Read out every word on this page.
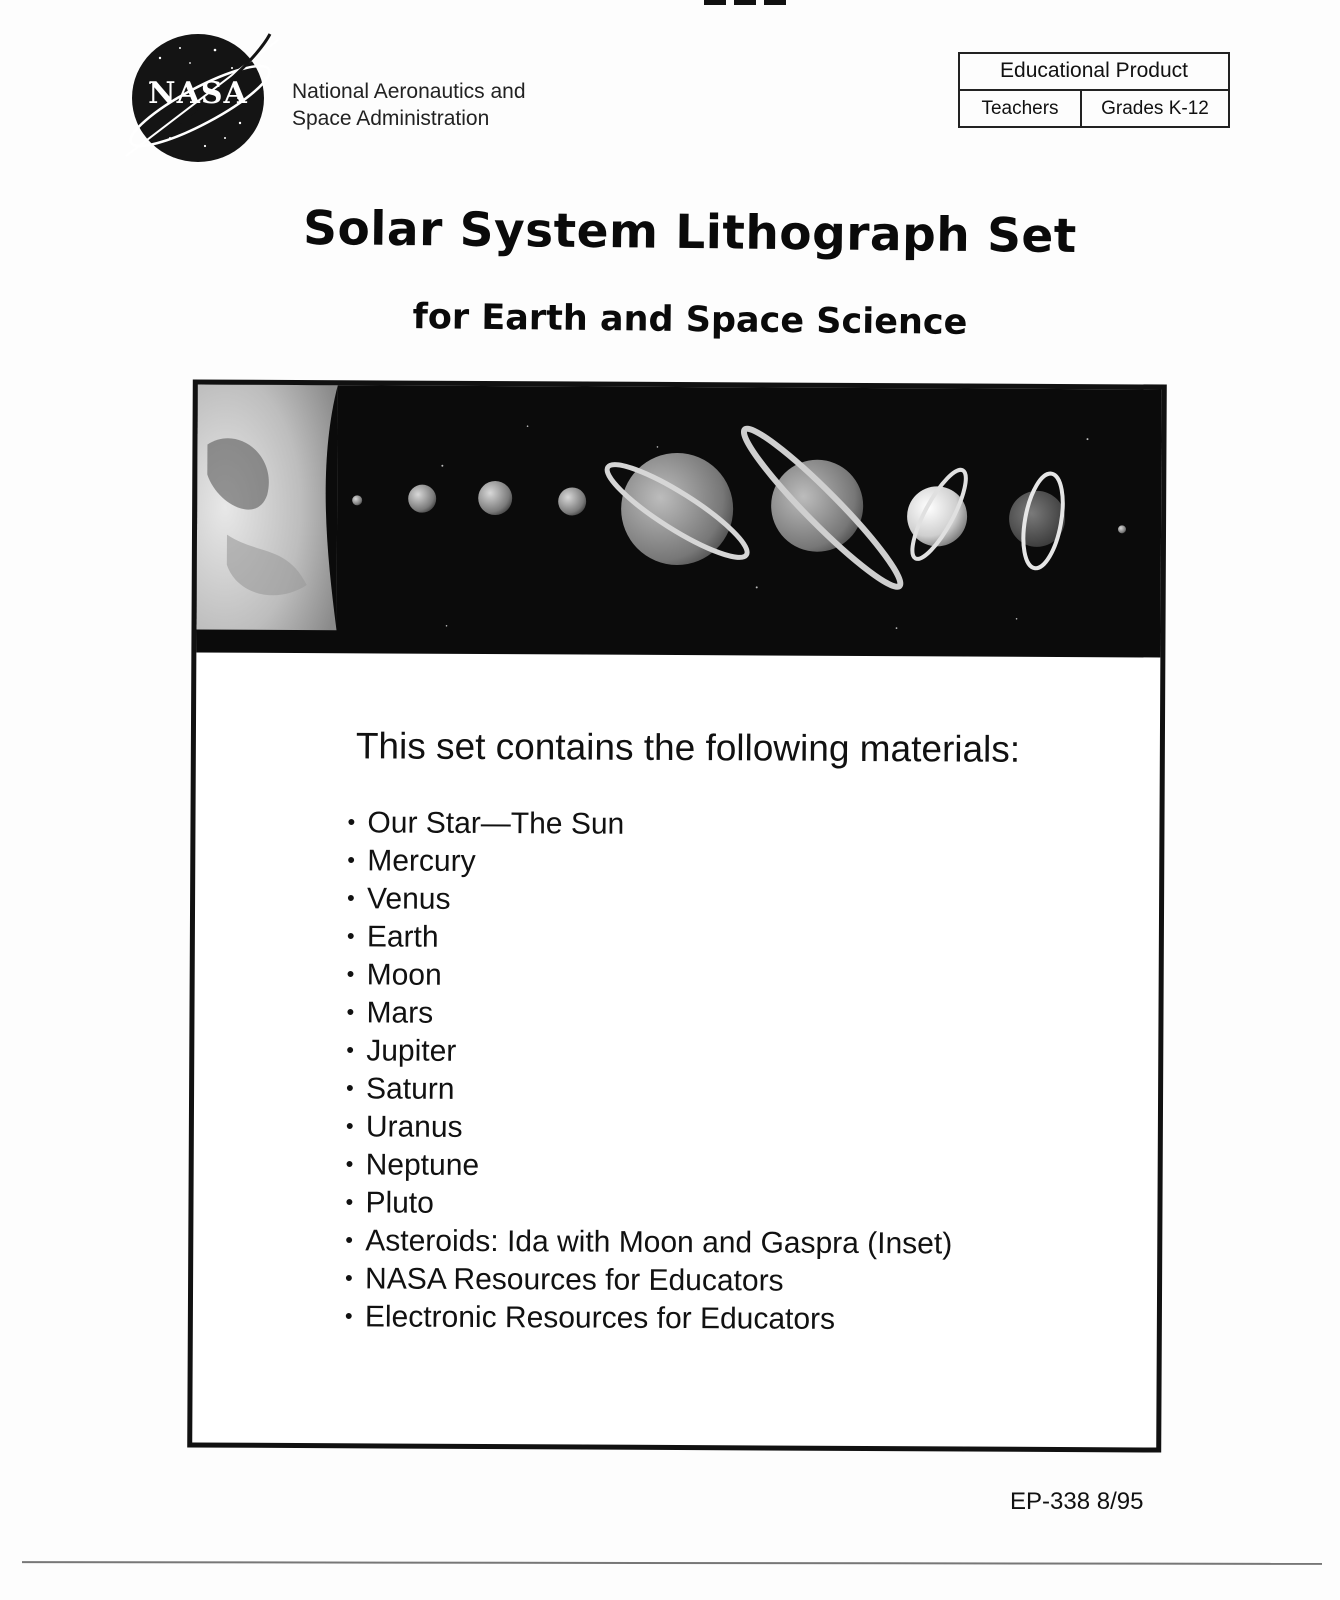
NASA	National Aeronautics and
Space Administration
Educational Product
Teachers	Grades K-12
Solar System Lithograph Set
for Earth and Space Science
This set contains the following materials:
• Our Star—The Sun
• Mercury
• Venus
• Earth
• Moon
• Mars
• Jupiter
• Saturn
• Uranus
• Neptune
• Pluto
• Asteroids: Ida with Moon and Gaspra (Inset)
• NASA Resources for Educators
• Electronic Resources for Educators
EP-338 8/95
